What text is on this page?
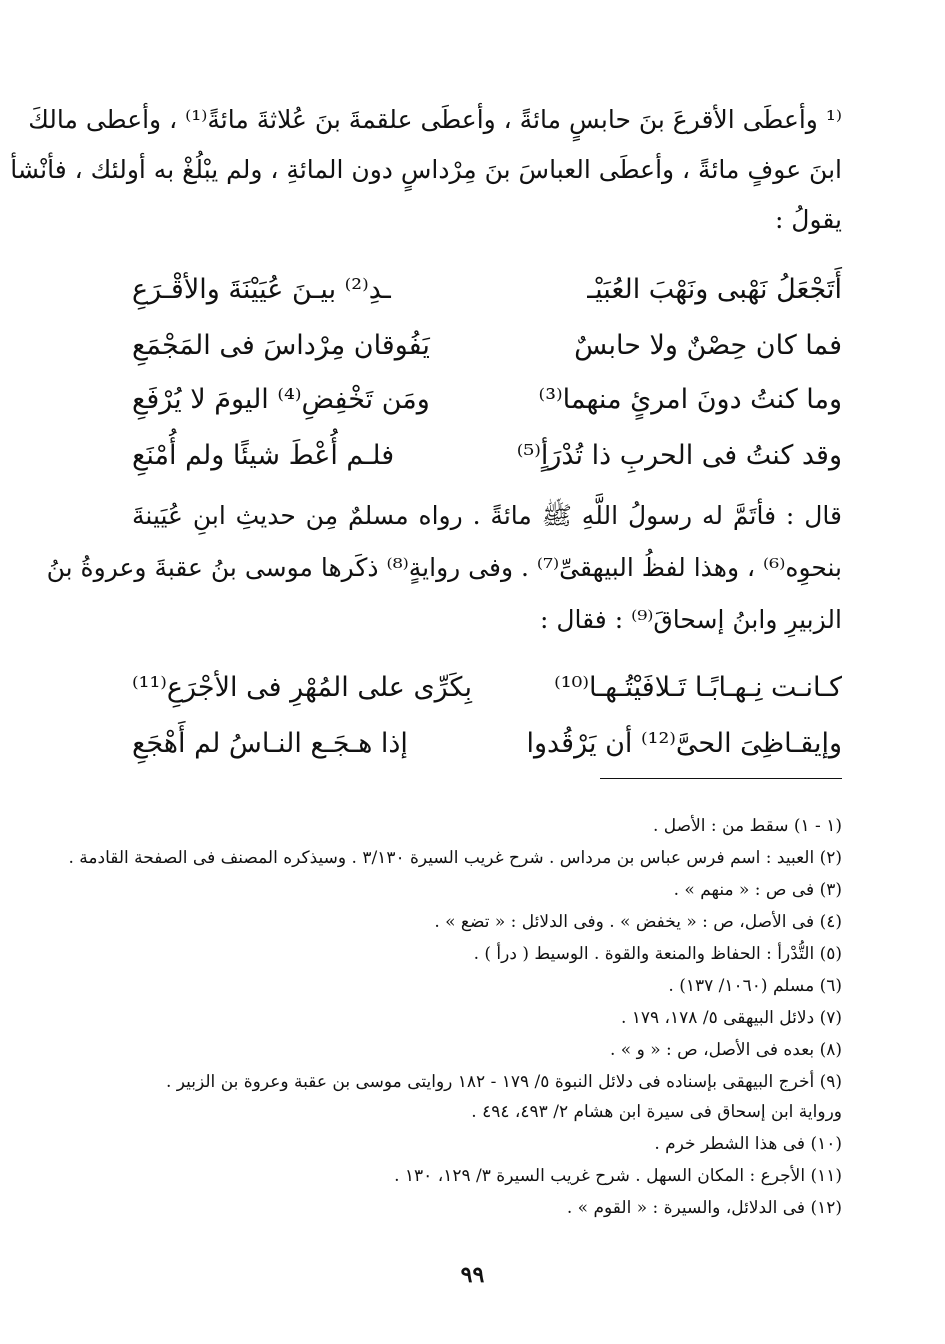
⁽¹ وأعطَى الأقرعَ بنَ حابسٍ مائةً ، وأعطَى علقمةَ بنَ عُلاثةَ مائةً⁽¹⁾ ، وأعطى مالكَ
ابنَ عوفٍ مائةً ، وأعطَى العباسَ بنَ مِرْداسٍ دون المائةِ ، ولم يبْلُغْ به أولئك ، فأنْشأ
يقولُ :
أَتَجْعَلُ نَهْبى ونَهْبَ العُبَيْـ
ـدِ⁽²⁾ بيـنَ عُيَيْنَةَ والأقْـرَعِ
فما كان حِصْنٌ ولا حابسٌ
يَفُوقان مِرْداسَ فى المَجْمَعِ
وما كنتُ دونَ امرئٍ منهما⁽³⁾
ومَن تَخْفِضِ⁽⁴⁾ اليومَ لا يُرْفَعِ
وقد كنتُ فى الحربِ ذا تُدْرَأٍ⁽⁵⁾
فلـم أُعْطَ شيئًا ولم أُمْنَعِ
قال : فأتَمَّ له رسولُ اللَّهِ ﷺ مائةً . رواه مسلمٌ مِن حديثِ ابنِ عُيَينةَ
بنحوِه⁽⁶⁾ ، وهذا لفظُ البيهقىِّ⁽⁷⁾ . وفى روايةٍ⁽⁸⁾ ذكَرها موسى بنُ عقبةَ وعروةُ بنُ
الزبيرِ وابنُ إسحاقَ⁽⁹⁾ : فقال :
كـانـت نِـهـابًـا تَـلافَيْتُـهـا⁽¹⁰⁾
بِكَرِّى على المُهْرِ فى الأجْرَعِ⁽¹¹⁾
وإيقـاظِىَ الحىَّ⁽¹²⁾ أن يَرْقُدوا
إذا هـجَـع النـاسُ لم أَهْجَعِ
(١ - ١) سقط من : الأصل .
(٢) العبيد : اسم فرس عباس بن مرداس . شرح غريب السيرة ٣/١٣٠ . وسيذكره المصنف فى الصفحة القادمة .
(٣) فى ص : « منهم » .
(٤) فى الأصل، ص : « يخفض » . وفى الدلائل : « تضع » .
(٥) التُّدْرأ : الحفاظ والمنعة والقوة . الوسيط ( درأ ) .
(٦) مسلم (١٠٦٠/ ١٣٧) .
(٧) دلائل البيهقى ٥/ ١٧٨، ١٧٩ .
(٨) بعده فى الأصل، ص : « و » .
(٩) أخرج البيهقى بإسناده فى دلائل النبوة ٥/ ١٧٩ - ١٨٢ روايتى موسى بن عقبة وعروة بن الزبير .
ورواية ابن إسحاق فى سيرة ابن هشام ٢/ ٤٩٣، ٤٩٤ .
(١٠) فى هذا الشطر خرم .
(١١) الأجرع : المكان السهل . شرح غريب السيرة ٣/ ١٢٩، ١٣٠ .
(١٢) فى الدلائل، والسيرة : « القوم » .
٩٩
